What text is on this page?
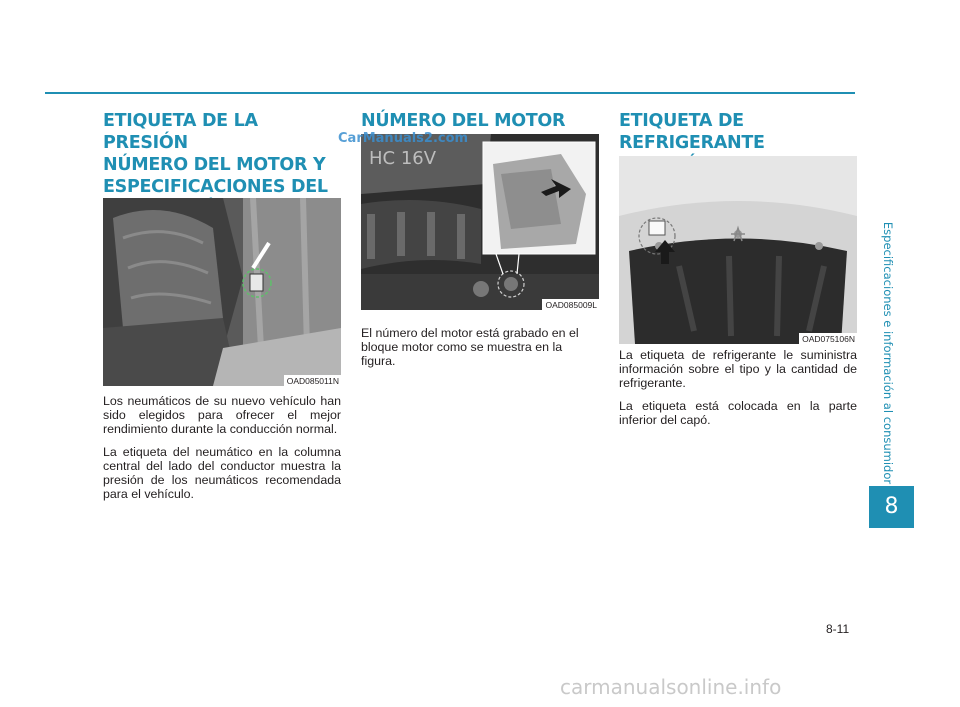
ETIQUETA DE LA PRESIÓN
NÚMERO DEL MOTOR Y
ESPECIFICACIONES DEL
OAD085011N

Los neumáticos de su nuevo vehículo han sido elegidos para ofrecer el mejor rendimiento durante la conducción normal.

La etiqueta del neumático en la columna central del lado del conductor muestra la presión de los neumáticos recomendada para el vehículo.

NÚMERO DEL MOTOR
HC 16V
OAD085009L

El número del motor está grabado en el bloque motor como se muestra en la figura.

ETIQUETA DE REFRIGERANTE
OAD075106N

La etiqueta de refrigerante le suministra información sobre el tipo y la cantidad de refrigerante.

La etiqueta está colocada en la parte inferior del capó.

CarManuals2.com
Especificaciones e información al consumidor
8
8-11
carmanualsonline.info
